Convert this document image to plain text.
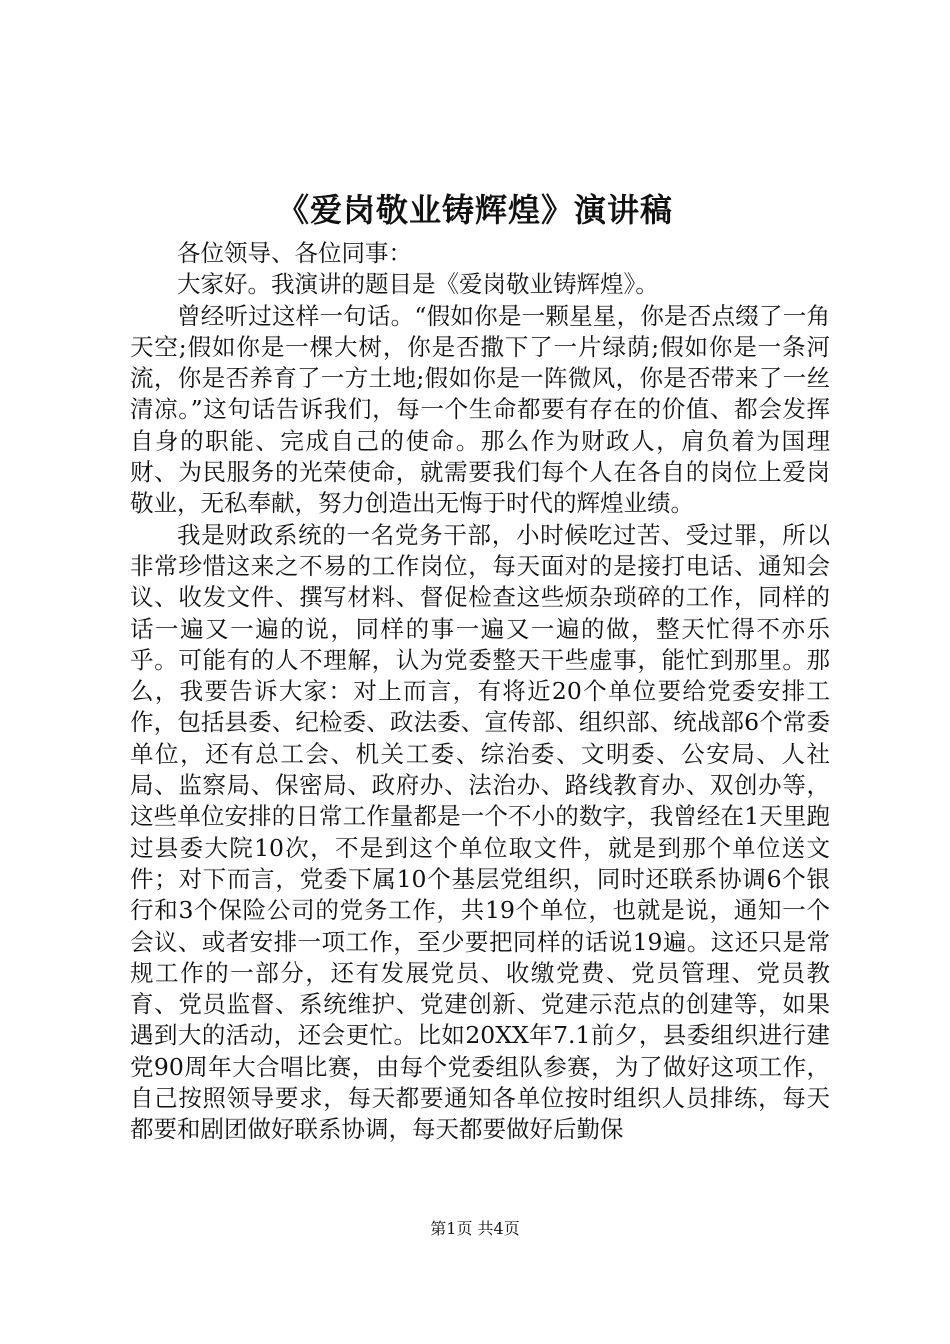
《爱岗敬业铸辉煌》演讲稿

各位领导、各位同事：

大家好。我演讲的题目是《爱岗敬业铸辉煌》。

曾经听过这样一句话。“假如你是一颗星星，你是否点缀了一角天空;假如你是一棵大树，你是否撒下了一片绿荫;假如你是一条河流，你是否养育了一方土地;假如你是一阵微风，你是否带来了一丝清凉。”这句话告诉我们，每一个生命都要有存在的价值、都会发挥自身的职能、完成自己的使命。那么作为财政人，肩负着为国理财、为民服务的光荣使命，就需要我们每个人在各自的岗位上爱岗敬业，无私奉献，努力创造出无悔于时代的辉煌业绩。

我是财政系统的一名党务干部，小时候吃过苦、受过罪，所以非常珍惜这来之不易的工作岗位，每天面对的是接打电话、通知会议、收发文件、撰写材料、督促检查这些烦杂琐碎的工作，同样的话一遍又一遍的说，同样的事一遍又一遍的做，整天忙得不亦乐乎。可能有的人不理解，认为党委整天干些虚事，能忙到那里。那么，我要告诉大家：对上而言，有将近20个单位要给党委安排工作，包括县委、纪检委、政法委、宣传部、组织部、统战部6个常委单位，还有总工会、机关工委、综治委、文明委、公安局、人社局、监察局、保密局、政府办、法治办、路线教育办、双创办等，这些单位安排的日常工作量都是一个不小的数字，我曾经在1天里跑过县委大院10次，不是到这个单位取文件，就是到那个单位送文件；对下而言，党委下属10个基层党组织，同时还联系协调6个银行和3个保险公司的党务工作，共19个单位，也就是说，通知一个会议、或者安排一项工作，至少要把同样的话说19遍。这还只是常规工作的一部分，还有发展党员、收缴党费、党员管理、党员教育、党员监督、系统维护、党建创新、党建示范点的创建等，如果遇到大的活动，还会更忙。比如20XX年7.1前夕，县委组织进行建党90周年大合唱比赛，由每个党委组队参赛，为了做好这项工作，自己按照领导要求，每天都要通知各单位按时组织人员排练，每天都要和剧团做好联系协调，每天都要做好后勤保

第1页 共4页
